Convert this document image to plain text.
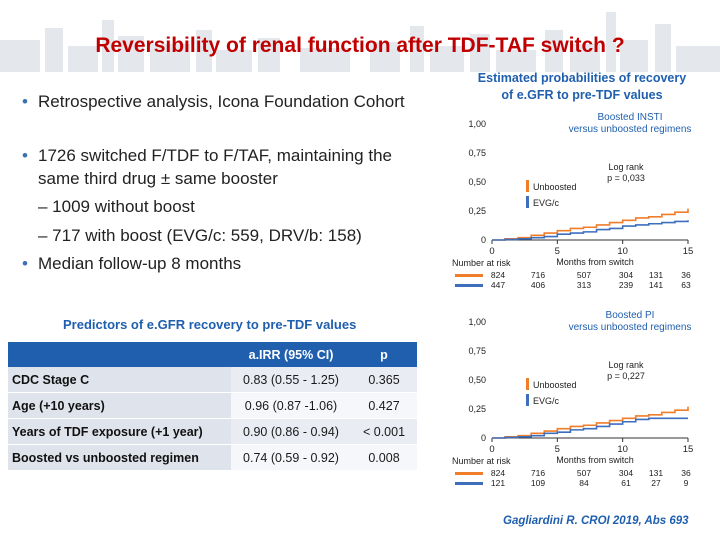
Reversibility of renal function after TDF-TAF switch ?
• Retrospective analysis, Icona Foundation Cohort
• 1726 switched F/TDF to F/TAF, maintaining the
same third drug ± same booster
– 1009 without boost
– 717 with boost (EVG/c: 559, DRV/b: 158)
• Median follow-up 8 months
Predictors of e.GFR recovery to pre-TDF values
	a.IRR (95% CI)	p
CDC Stage C	0.83 (0.55 - 1.25)	0.365
Age (+10 years)	0.96 (0.87 -1.06)	0.427
Years of TDF exposure (+1 year)	0.90 (0.86 - 0.94)	< 0.001
Boosted vs unboosted regimen	0.74 (0.59 - 0.92)	0.008
Estimated probabilities of recovery
of e.GFR to pre-TDF values
Boosted INSTI
versus unboosted regimens
0
0,25
0,50
0,75
1,00
0	5	10	15
Months from switch
Unboosted
EVG/c
Log rank
p = 0,033
Number at risk
824	716	507	304 131 36
447	406	313	239 141 63
Boosted PI
versus unboosted regimens
0
0,25
0,50
0,75
1,00
0	5	10	15
Months from switch
Unboosted
EVG/c
Log rank
p = 0,227
Number at risk
824	716	507	304 131 36
121	109	84	61 27	9
Gagliardini R. CROI 2019, Abs 693
